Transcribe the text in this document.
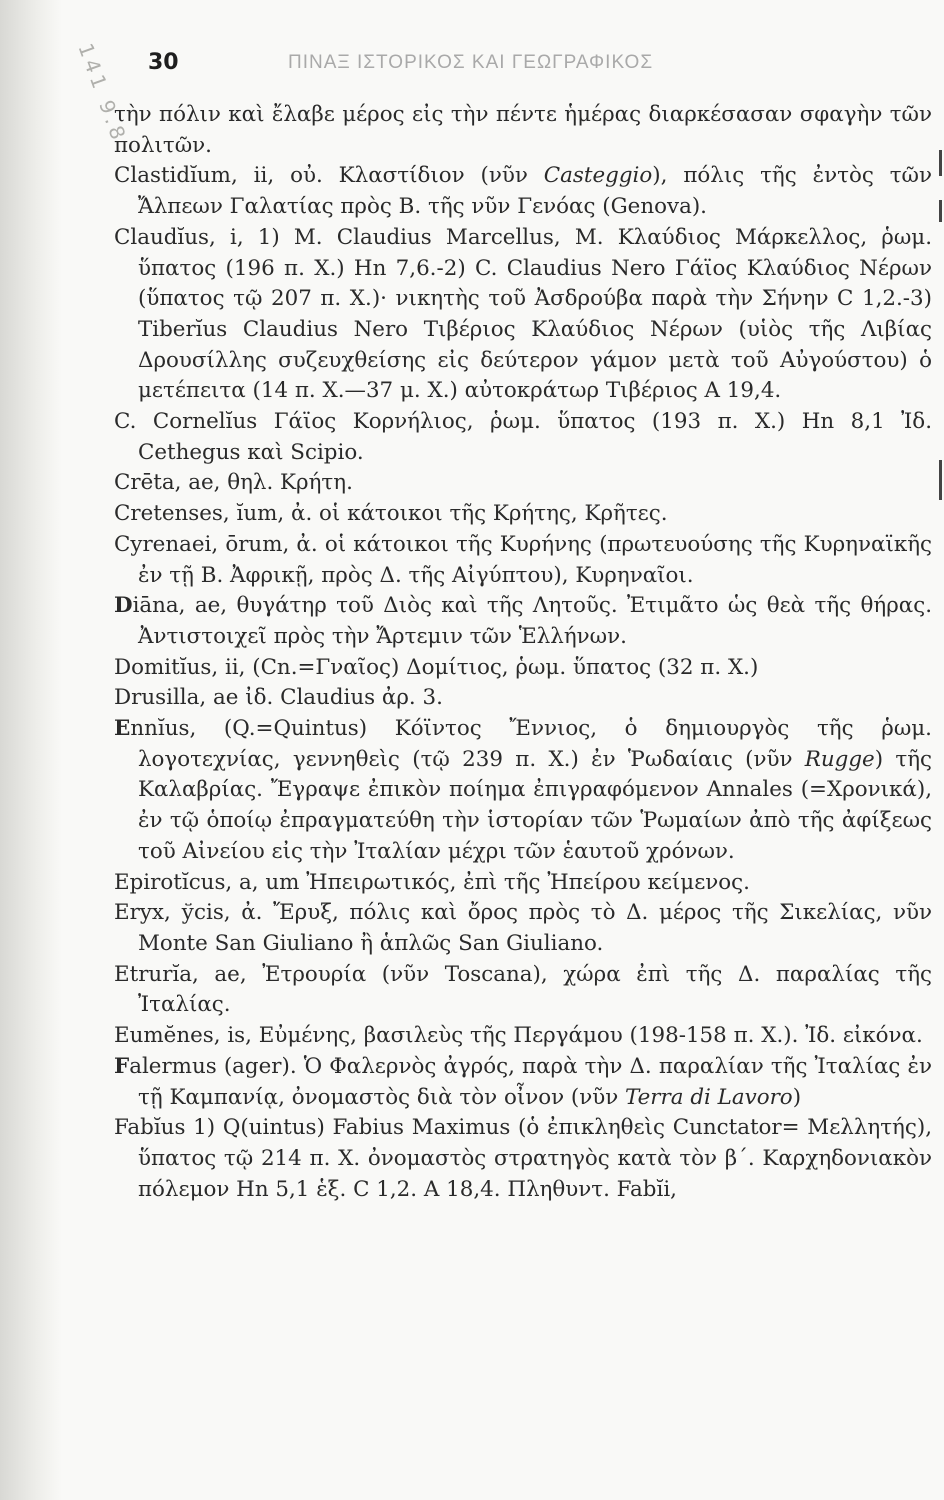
141 9.8 30	ΠΙΝΑΞ ΙΣΤΟΡΙΚΟΣ ΚΑΙ ΓΕΩΓΡΑΦΙΚΟΣ

τὴν πόλιν καὶ ἔλαβε μέρος εἰς τὴν πέντε ἡμέρας διαρκέσασαν σφαγὴν τῶν πολιτῶν.

Clastidĭum, ii, οὐ. Κλαστίδιον (νῦν Casteggio), πόλις τῆς ἐντὸς τῶν Ἄλπεων Γαλατίας πρὸς Β. τῆς νῦν Γενόας (Genova).

Claudĭus, i, 1) M. Claudius Marcellus, M. Κλαύδιος Μάρκελλος, ῥωμ. ὕπατος (196 π. Χ.) Hn 7,6.-2) C. Claudius Nero Γάϊος Κλαύδιος Νέρων (ὕπατος τῷ 207 π. Χ.)· νικητὴς τοῦ Ἀσδρούβα παρὰ τὴν Σήνην C 1,2.-3) Tiberĭus Claudius Nero Τιβέριος Κλαύδιος Νέρων (υἱὸς τῆς Λιβίας Δρουσίλλης συζευχθείσης εἰς δεύτερον γάμον μετὰ τοῦ Αὐγούστου) ὁ μετέπειτα (14 π. Χ.—37 μ. Χ.) αὐτοκράτωρ Τιβέριος A 19,4.

C. Cornelĭus Γάϊος Κορνήλιος, ῥωμ. ὕπατος (193 π. Χ.) Hn 8,1 Ἰδ. Cethegus καὶ Scipio.

Crēta, ae, θηλ. Κρήτη.

Cretenses, ĭum, ἀ. οἱ κάτοικοι τῆς Κρήτης, Κρῆτες.

Cyrenaei, ōrum, ἀ. οἱ κάτοικοι τῆς Κυρήνης (πρωτευούσης τῆς Κυρηναϊκῆς ἐν τῇ Β. Ἀφρικῇ, πρὸς Δ. τῆς Αἰγύπτου), Κυρηναῖοι.

Diāna, ae, θυγάτηρ τοῦ Διὸς καὶ τῆς Λητοῦς. Ἐτιμᾶτο ὡς θεὰ τῆς θήρας. Ἀντιστοιχεῖ πρὸς τὴν Ἄρτεμιν τῶν Ἑλλήνων.

Domitĭus, ii, (Cn.=Γναῖος) Δομίτιος, ῥωμ. ὕπατος (32 π. Χ.)

Drusilla, ae ἰδ. Claudius ἀρ. 3.

Ennĭus, (Q.=Quintus) Κόϊντος Ἔννιος, ὁ δημιουργὸς τῆς ῥωμ. λογοτεχνίας, γεννηθεὶς (τῷ 239 π. Χ.) ἐν Ῥωδαίαις (νῦν Rugge) τῆς Καλαβρίας. Ἔγραψε ἐπικὸν ποίημα ἐπιγραφόμενον Annales (=Χρονικά), ἐν τῷ ὁποίῳ ἐπραγματεύθη τὴν ἱστορίαν τῶν Ῥωμαίων ἀπὸ τῆς ἀφίξεως τοῦ Αἰνείου εἰς τὴν Ἰταλίαν μέχρι τῶν ἑαυτοῦ χρόνων.

Epirotĭcus, a, um Ἠπειρωτικός, ἐπὶ τῆς Ἠπείρου κείμενος.

Eryx, ўcis, ἀ. Ἔρυξ, πόλις καὶ ὄρος πρὸς τὸ Δ. μέρος τῆς Σικελίας, νῦν Monte San Giuliano ἢ ἁπλῶς San Giuliano.

Etrurĭa, ae, Ἐτρουρία (νῦν Toscana), χώρα ἐπὶ τῆς Δ. παραλίας τῆς Ἰταλίας.

Eumĕnes, is, Εὐμένης, βασιλεὺς τῆς Περγάμου (198-158 π. Χ.). Ἰδ. εἰκόνα.

Falermus (ager). Ὁ Φαλερνὸς ἀγρός, παρὰ τὴν Δ. παραλίαν τῆς Ἰταλίας ἐν τῇ Καμπανίᾳ, ὀνομαστὸς διὰ τὸν οἶνον (νῦν Terra di Lavoro)

Fabĭus 1) Q(uintus) Fabius Maximus (ὁ ἐπικληθεὶς Cunctator= Μελλητής), ὕπατος τῷ 214 π. Χ. ὀνομαστὸς στρατηγὸς κατὰ τὸν β΄. Καρχηδονιακὸν πόλεμον Hn 5,1 ἑξ. C 1,2. A 18,4. Πληθυντ. Fabĭi,
